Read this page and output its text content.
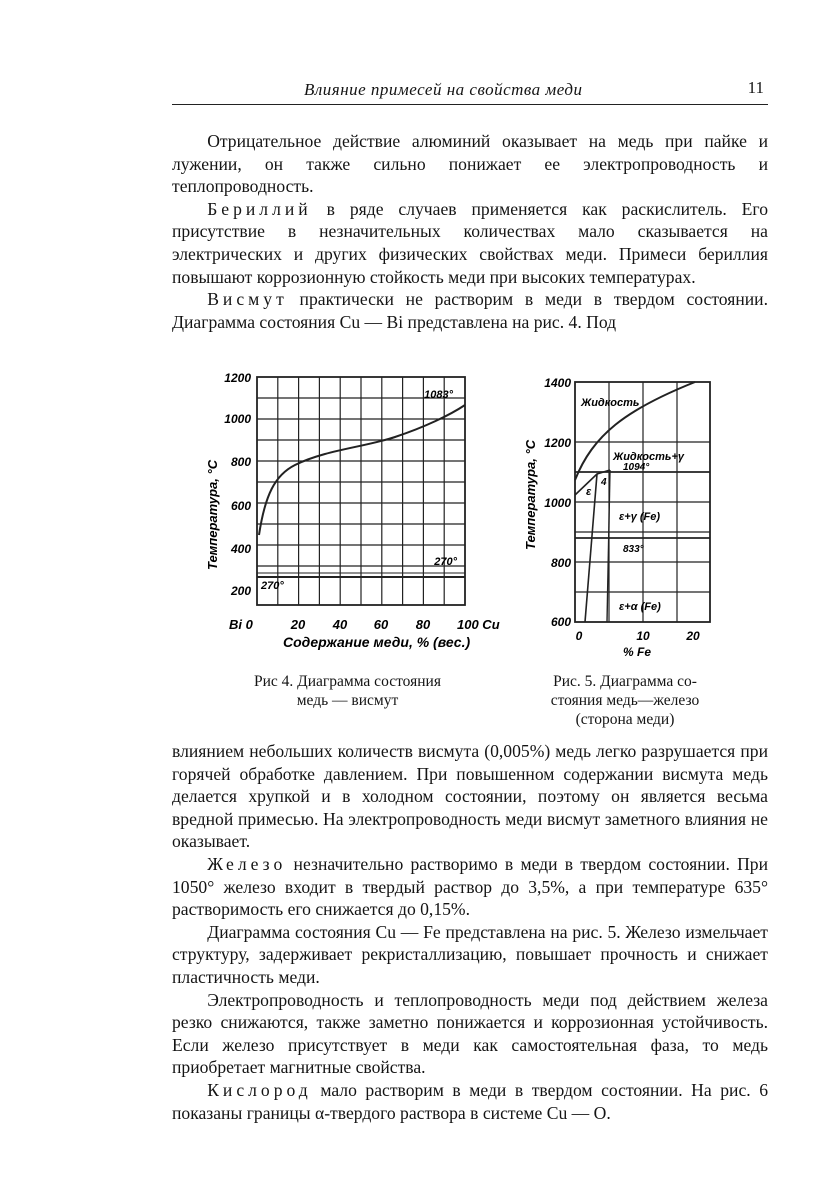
Влияние примесей на свойства меди	11

Отрицательное действие алюминий оказывает на медь при пайке и лужении, он также сильно понижает ее электропроводность и теплопроводность.

Бериллий в ряде случаев применяется как раскислитель. Его присутствие в незначительных количествах мало сказывается на электрических и других физических свойствах меди. Примеси бериллия повышают коррозионную стойкость меди при высоких температурах.

Висмут практически не растворим в меди в твердом состоянии. Диаграмма состояния Cu — Bi представлена на рис. 4. Под

1200
1000
800
600
400
200
1083°
270°
270°
Bi 0	20 40 60 80 100 Cu
Содержание меди, % (вес.)
Температура, °С
Рис 4. Диаграмма состояния
медь — висмут
1400
1200
1000
800
600
0	10	20
% Fe
Жидкость
Жидкость+γ
1094°
ε
4
ε+γ (Fe)
833°
ε+α (Fe)
Температура, °С
Рис. 5. Диаграмма со-
стояния медь—железо
(сторона меди)

влиянием небольших количеств висмута (0,005%) медь легко разрушается при горячей обработке давлением. При повышенном содержании висмута медь делается хрупкой и в холодном состоянии, поэтому он является весьма вредной примесью. На электропроводность меди висмут заметного влияния не оказывает.

Железо незначительно растворимо в меди в твердом состоянии. При 1050° железо входит в твердый раствор до 3,5%, а при температуре 635° растворимость его снижается до 0,15%.

Диаграмма состояния Cu — Fe представлена на рис. 5. Железо измельчает структуру, задерживает рекристаллизацию, повышает прочность и снижает пластичность меди.

Электропроводность и теплопроводность меди под действием железа резко снижаются, также заметно понижается и коррозионная устойчивость. Если железо присутствует в меди как самостоятельная фаза, то медь приобретает магнитные свойства.

Кислород мало растворим в меди в твердом состоянии. На рис. 6 показаны границы α-твердого раствора в системе Cu — O.
